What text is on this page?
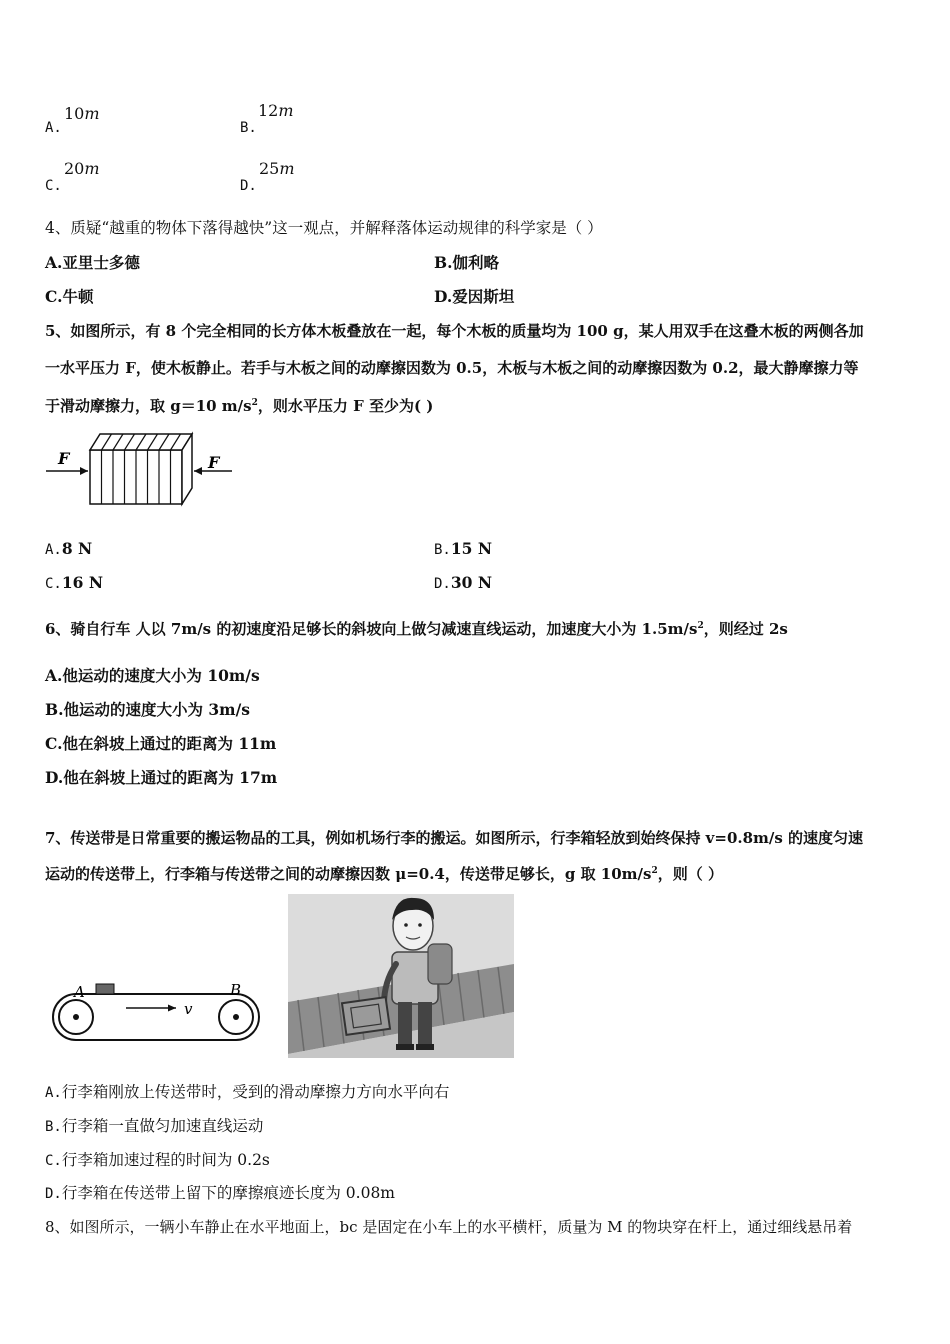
A.
10m
B.
12m
C.
20m
D.
25m
4、质疑“越重的物体下落得越快”这一观点，并解释落体运动规律的科学家是（ ）
A.亚里士多德	B.伽利略
C.牛顿	D.爱因斯坦
5、如图所示，有 8 个完全相同的长方体木板叠放在一起，每个木板的质量均为 100 g，某人用双手在这叠木板的两侧各加
一水平压力 F，使木板静止。若手与木板之间的动摩擦因数为 0.5，木板与木板之间的动摩擦因数为 0.2，最大静摩擦力等
于滑动摩擦力，取 g＝10 $m/s^2$，则水平压力 F 至少为( )
F	F
A.8 N	B.15 N
C.16 N	D.30 N
6、骑自行车 人以 7m/s 的初速度沿足够长的斜坡向上做匀减速直线运动，加速度大小为 $1.5m/s^2$，则经过 2s
A.他运动的速度大小为 10m/s
B.他运动的速度大小为 3m/s
C.他在斜坡上通过的距离为 11m
D.他在斜坡上通过的距离为 17m
7、传送带是日常重要的搬运物品的工具，例如机场行李的搬运。如图所示，行李箱轻放到始终保持 v=0.8m/s 的速度匀速
运动的传送带上，行李箱与传送带之间的动摩擦因数 μ=0.4，传送带足够长，g 取 $10m/s^2$，则（ ）
A	B
v
A.行李箱刚放上传送带时，受到的滑动摩擦力方向水平向右
B.行李箱一直做匀加速直线运动
C.行李箱加速过程的时间为 0.2s
D.行李箱在传送带上留下的摩擦痕迹长度为 0.08m
8、如图所示，一辆小车静止在水平地面上，bc 是固定在小车上的水平横杆，质量为 M 的物块穿在杆上，通过细线悬吊着
